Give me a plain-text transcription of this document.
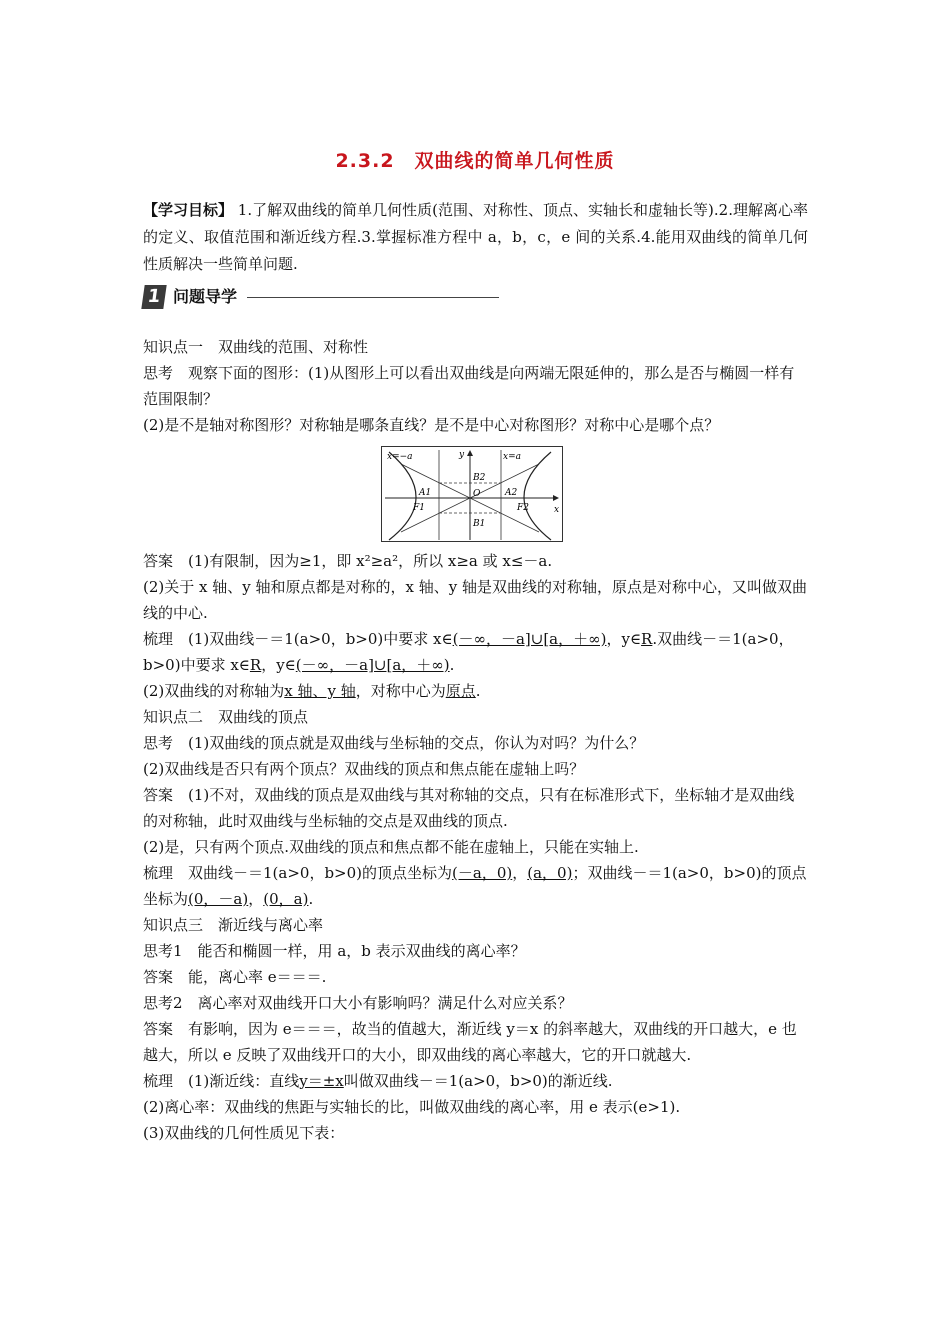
2.3.2　双曲线的简单几何性质

【学习目标】 1.了解双曲线的简单几何性质(范围、对称性、顶点、实轴长和虚轴长等).2.理解离心率的定义、取值范围和渐近线方程.3.掌握标准方程中 a，b，c，e 间的关系.4.能用双曲线的简单几何性质解决一些简单问题.

1 问题导学

知识点一　双曲线的范围、对称性

思考　观察下面的图形：(1)从图形上可以看出双曲线是向两端无限延伸的，那么是否与椭圆一样有范围限制？

(2)是不是轴对称图形？对称轴是哪条直线？是不是中心对称图形？对称中心是哪个点？

x=−a	x=a
y
x
O
A1	A2
B2
B1
F1	F2

答案　(1)有限制，因为≥1，即 x²≥a²，所以 x≥a 或 x≤－a.

(2)关于 x 轴、y 轴和原点都是对称的，x 轴、y 轴是双曲线的对称轴，原点是对称中心，又叫做双曲线的中心.

梳理　(1)双曲线－＝1(a>0，b>0)中要求 x∈(－∞，－a]∪[a，＋∞)，y∈R.双曲线－＝1(a>0，b>0)中要求 x∈R，y∈(－∞，－a]∪[a，＋∞).

(2)双曲线的对称轴为x 轴、y 轴，对称中心为原点.

知识点二　双曲线的顶点

思考　(1)双曲线的顶点就是双曲线与坐标轴的交点，你认为对吗？为什么？

(2)双曲线是否只有两个顶点？双曲线的顶点和焦点能在虚轴上吗？

答案　(1)不对，双曲线的顶点是双曲线与其对称轴的交点，只有在标准形式下，坐标轴才是双曲线的对称轴，此时双曲线与坐标轴的交点是双曲线的顶点.

(2)是，只有两个顶点.双曲线的顶点和焦点都不能在虚轴上，只能在实轴上.

梳理　双曲线－＝1(a>0，b>0)的顶点坐标为(－a，0)，(a，0)；双曲线－＝1(a>0，b>0)的顶点坐标为(0，－a)，(0，a).

知识点三　渐近线与离心率

思考1　能否和椭圆一样，用 a，b 表示双曲线的离心率？

答案　能，离心率 e＝＝＝.

思考2　离心率对双曲线开口大小有影响吗？满足什么对应关系？

答案　有影响，因为 e＝＝＝，故当的值越大，渐近线 y＝x 的斜率越大，双曲线的开口越大，e 也越大，所以 e 反映了双曲线开口的大小，即双曲线的离心率越大，它的开口就越大.

梳理　(1)渐近线：直线y＝±x叫做双曲线－＝1(a>0，b>0)的渐近线.

(2)离心率：双曲线的焦距与实轴长的比，叫做双曲线的离心率，用 e 表示(e>1).

(3)双曲线的几何性质见下表：
